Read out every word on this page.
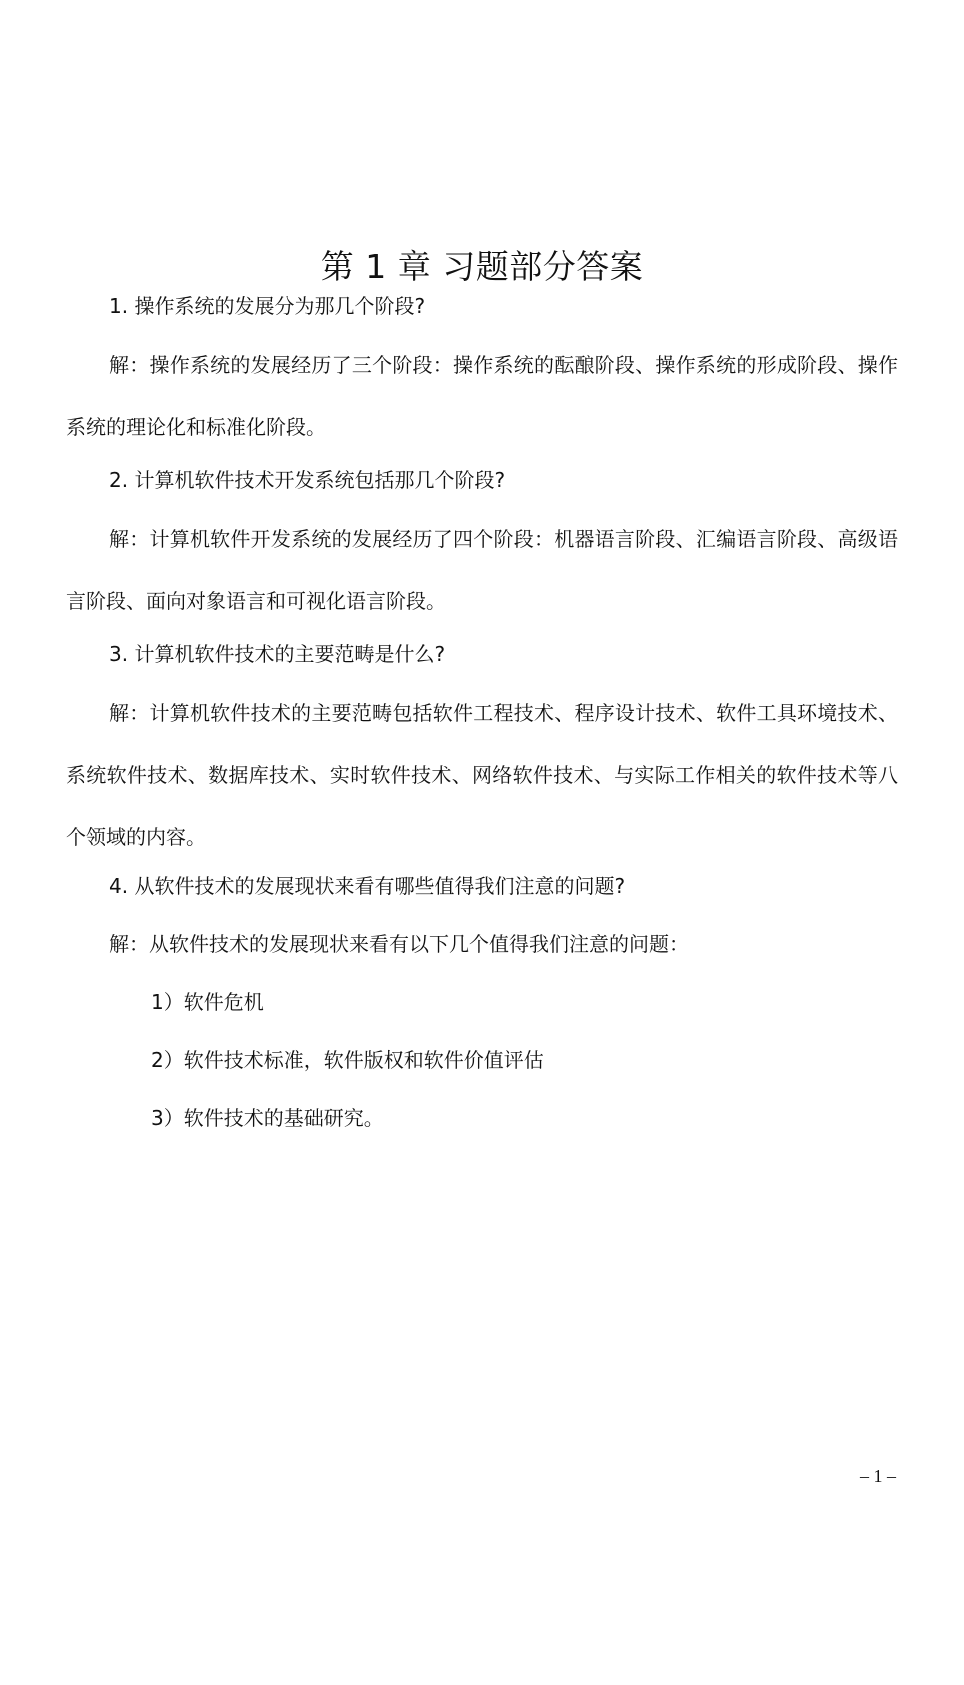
第 1 章 习题部分答案

1. 操作系统的发展分为那几个阶段?

解：操作系统的发展经历了三个阶段：操作系统的酝酿阶段、操作系统的形成阶段、操作系统的理论化和标准化阶段。

2. 计算机软件技术开发系统包括那几个阶段?

解：计算机软件开发系统的发展经历了四个阶段：机器语言阶段、汇编语言阶段、高级语言阶段、面向对象语言和可视化语言阶段。

3. 计算机软件技术的主要范畴是什么?

解：计算机软件技术的主要范畴包括软件工程技术、程序设计技术、软件工具环境技术、系统软件技术、数据库技术、实时软件技术、网络软件技术、与实际工作相关的软件技术等八个领域的内容。

4. 从软件技术的发展现状来看有哪些值得我们注意的问题?

解：从软件技术的发展现状来看有以下几个值得我们注意的问题：

1）软件危机

2）软件技术标准，软件版权和软件价值评估

3）软件技术的基础研究。

– 1 –
